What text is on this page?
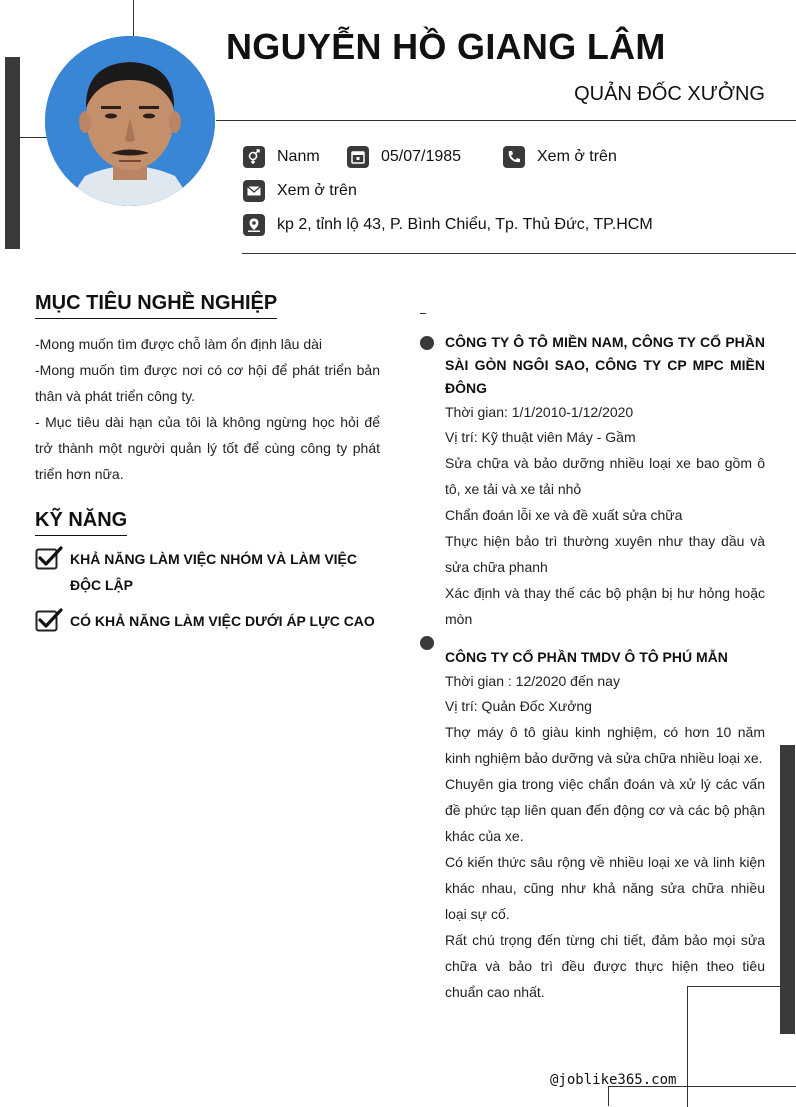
NGUYỄN HỒ GIANG LÂM
QUẢN ĐỐC XƯỞNG
Nanm	05/07/1985	Xem ở trên
Xem ở trên
kp 2, tỉnh lộ 43, P. Bình Chiểu, Tp. Thủ Đức, TP.HCM
MỤC TIÊU NGHỀ NGHIỆP

-Mong muốn tìm được chỗ làm ổn định lâu dài

-Mong muốn tìm được nơi có cơ hội để phát triển bản thân và phát triển công ty.

- Mục tiêu dài hạn của tôi là không ngừng học hỏi để trở thành một người quản lý tốt để cùng công ty phát triển hơn nữa.

KỸ NĂNG
KHẢ NĂNG LÀM VIỆC NHÓM VÀ LÀM VIỆC ĐỘC LẬP
CÓ KHẢ NĂNG LÀM VIỆC DƯỚI ÁP LỰC CAO
CÔNG TY Ô TÔ MIỀN NAM, CÔNG TY CỔ PHẦN SÀI GÒN NGÔI SAO, CÔNG TY CP MPC MIỀN ĐÔNG
Thời gian: 1/1/2010-1/12/2020
Vị trí: Kỹ thuật viên Máy - Gầm

Sửa chữa và bảo dưỡng nhiều loại xe bao gồm ô tô, xe tải và xe tải nhỏ

Chẩn đoán lỗi xe và đề xuất sửa chữa

Thực hiện bảo trì thường xuyên như thay dầu và sửa chữa phanh

Xác định và thay thế các bộ phận bị hư hỏng hoặc mòn

CÔNG TY CỔ PHẦN TMDV Ô TÔ PHÚ MẪN
Thời gian : 12/2020 đến nay
Vị trí: Quản Đốc Xưởng

Thợ máy ô tô giàu kinh nghiệm, có hơn 10 năm kinh nghiệm bảo dưỡng và sửa chữa nhiều loại xe.

Chuyên gia trong việc chẩn đoán và xử lý các vấn đề phức tạp liên quan đến động cơ và các bộ phận khác của xe.

Có kiến thức sâu rộng về nhiều loại xe và linh kiện khác nhau, cũng như khả năng sửa chữa nhiều loại sự cố.

Rất chú trọng đến từng chi tiết, đảm bảo mọi sửa chữa và bảo trì đều được thực hiện theo tiêu chuẩn cao nhất.

@joblike365.com
